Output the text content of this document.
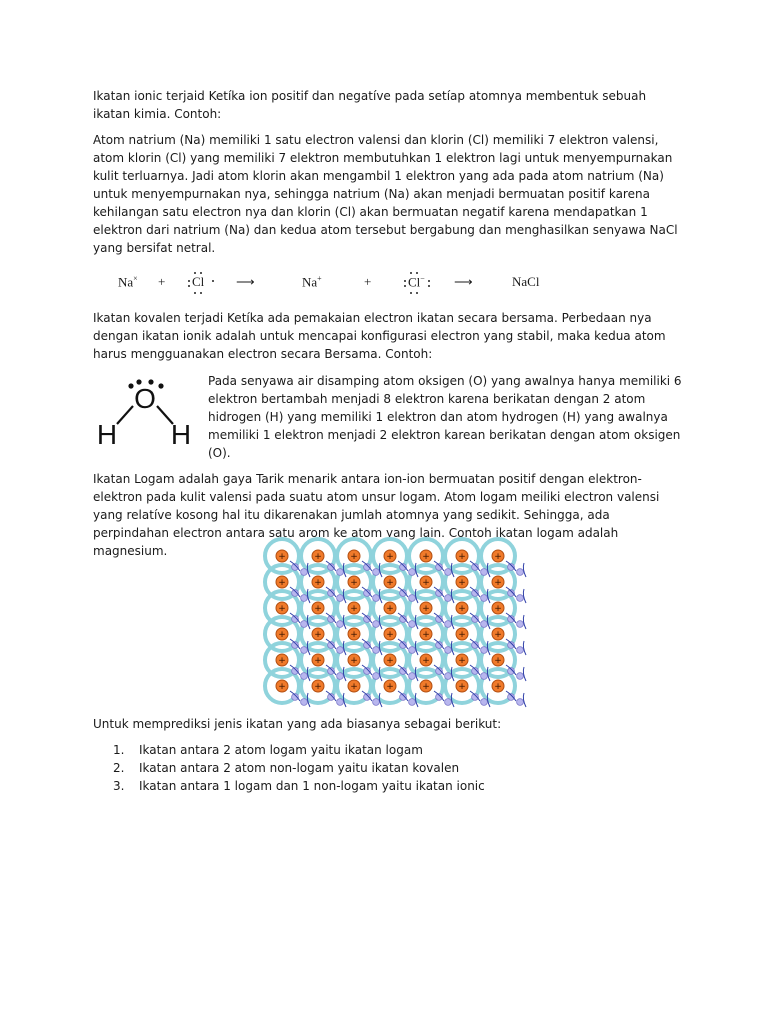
Ikatan ionic terjaid Ketíka ion positif dan negatíve pada setíap atomnya membentuk sebuah ikatan kimia. Contoh:

Atom natrium (Na) memiliki 1 satu electron valensi dan klorin (Cl) memiliki 7 elektron valensi, atom klorin (Cl) yang memiliki 7 elektron membutuhkan 1 elektron lagi untuk menyempurnakan kulit terluarnya. Jadi atom klorin akan mengambil 1 elektron yang ada pada atom natrium (Na) untuk menyempurnakan nya, sehingga natrium (Na) akan menjadi bermuatan positif karena kehilangan satu electron nya dan klorin (Cl) akan bermuatan negatif karena mendapatkan 1 elektron dari natrium (Na) dan kedua atom tersebut bergabung dan menghasilkan senyawa NaCl yang bersifat netral.

Na× + Cl ⟶	Na+	+	Cl− ⟶	NaCl

Ikatan kovalen terjadi Ketíka ada pemakaian electron ikatan secara bersama. Perbedaan nya dengan ikatan ionik adalah untuk mencapai konfigurasi electron yang stabil, maka kedua atom harus mengguanakan electron secara Bersama. Contoh:

O
H H

Pada senyawa air disamping atom oksigen (O) yang awalnya hanya memiliki 6 elektron bertambah menjadi 8 elektron karena berikatan dengan 2 atom hidrogen (H) yang memiliki 1 elektron dan atom hydrogen (H) yang awalnya memiliki 1 elektron menjadi 2 elektron karean berikatan dengan atom oksigen (O).

Ikatan Logam adalah gaya Tarik menarik antara ion-ion bermuatan positif dengan elektron-elektron pada kulit valensi pada suatu atom unsur logam. Atom logam meiliki electron valensi yang relatíve kosong hal itu dikarenakan jumlah atomnya yang sedikit. Sehingga, ada perpindahan electron antara satu arom ke atom yang lain. Contoh ikatan logam adalah magnesium.	+	+	+	+	+	+	+
+	+	+	+	+	+	+
+	+	+	+	+	+	+
+	+	+	+	+	+	+
+	+	+	+	+	+	+
+	+	+	+	+	+	+

Untuk memprediksi jenis ikatan yang ada biasanya sebagai berikut:

1. Ikatan antara 2 atom logam yaitu ikatan logam
2. Ikatan antara 2 atom non-logam yaitu ikatan kovalen
3. Ikatan antara 1 logam dan 1 non-logam yaitu ikatan ionic
